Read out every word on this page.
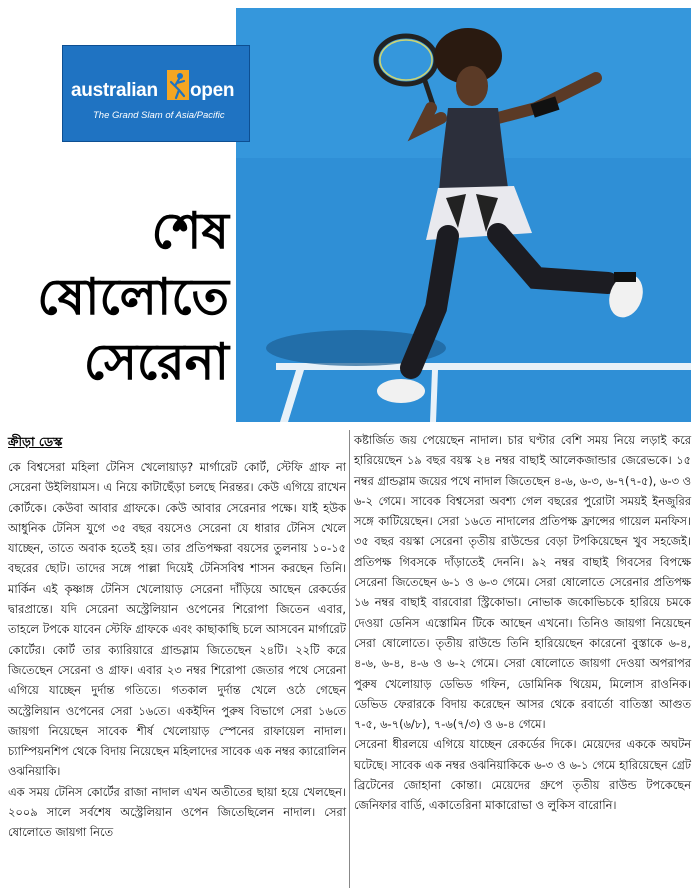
australian open
The Grand Slam of Asia/Pacific
শেষ
ষোলোতে
সেরেনা
ক্রীড়া ডেস্ক

কে বিশ্বসেরা মহিলা টেনিস খেলোয়াড়? মার্গারেট কোর্ট, স্টেফি গ্রাফ না সেরেনা উইলিয়ামস। এ নিয়ে কাটাছেঁড়া চলছে নিরন্তর। কেউ এগিয়ে রাখেন কোর্টকে। কেউবা আবার গ্রাফকে। কেউ আবার সেরেনার পক্ষে। যাই হউক আধুনিক টেনিস যুগে ৩৫ বছর বয়সেও সেরেনা যে ধারার টেনিস খেলে যাচ্ছেন, তাতে অবাক হতেই হয়। তার প্রতিপক্ষরা বয়সের তুলনায় ১০-১৫ বছরের ছোট। তাদের সঙ্গে পাল্লা দিয়েই টেনিসবিশ্ব শাসন করছেন তিনি। মার্কিন এই কৃষ্ণাঙ্গ টেনিস খেলোয়াড় সেরেনা দাঁড়িয়ে আছেন রেকর্ডের দ্বারপ্রান্তে। যদি সেরেনা অস্ট্রেলিয়ান ওপেনের শিরোপা জিতেন এবার, তাহলে টপকে যাবেন স্টেফি গ্রাফকে এবং কাছাকাছি চলে আসবেন মার্গারেট কোর্টের। কোর্ট তার ক্যারিয়ারে গ্রান্ডস্লাম জিতেছেন ২৪টি। ২২টি করে জিতেছেন সেরেনা ও গ্রাফ। এবার ২৩ নম্বর শিরোপা জেতার পথে সেরেনা এগিয়ে যাচ্ছেন দুর্দান্ত গতিতে। গতকাল দুর্দান্ত খেলে ওঠে গেছেন অস্ট্রেলিয়ান ওপেনের সেরা ১৬তে। একইদিন পুরুষ বিভাগে সেরা ১৬তে জায়গা নিয়েছেন সাবেক শীর্ষ খেলোয়াড় স্পেনের রাফায়েল নাদাল। চ্যাম্পিয়নশিপ থেকে বিদায় নিয়েছেন মহিলাদের সাবেক এক নম্বর ক্যারোলিন ওঝনিয়াকি।

এক সময় টেনিস কোর্টের রাজা নাদাল এখন অতীতের ছায়া হয়ে খেলছেন। ২০০৯ সালে সর্বশেষ অস্ট্রেলিয়ান ওপেন জিতেছিলেন নাদাল। সেরা ষোলোতে জায়গা নিতে

কষ্টার্জিত জয় পেয়েছেন নাদাল। চার ঘণ্টার বেশি সময় নিয়ে লড়াই করে হারিয়েছেন ১৯ বছর বয়স্ক ২৪ নম্বর বাছাই আলেকজান্ডার জেরেভকে। ১৫ নম্বর গ্রান্ডস্লাম জয়ের পথে নাদাল জিতেছেন ৪-৬, ৬-৩, ৬-৭(৭-৫), ৬-৩ ও ৬-২ গেমে। সাবেক বিশ্বসেরা অবশ্য গেল বছরের পুরোটা সময়ই ইনজুরির সঙ্গে কাটিয়েছেন। সেরা ১৬তে নাদালের প্রতিপক্ষ ফ্রান্সের গায়েল মনফিস। ৩৫ বছর বয়স্কা সেরেনা তৃতীয় রাউন্ডের বেড়া টপকিয়েছেন খুব সহজেই। প্রতিপক্ষ গিবসকে দাঁড়াতেই দেননি। ৯২ নম্বর বাছাই গিবসের বিপক্ষে সেরেনা জিতেছেন ৬-১ ও ৬-৩ গেমে। সেরা ষোলোতে সেরেনার প্রতিপক্ষ ১৬ নম্বর বাছাই বারবোরা স্ট্রিকোভা। নোভাক জকোভিচকে হারিয়ে চমকে দেওয়া ডেনিস এস্তোমিন টিকে আছেন এখনো। তিনিও জায়গা নিয়েছেন সেরা ষোলোতে। তৃতীয় রাউন্ডে তিনি হারিয়েছেন কারেনো বুস্তাকে ৬-৪, ৪-৬, ৬-৪, ৪-৬ ও ৬-২ গেমে। সেরা ষোলোতে জায়গা দেওয়া অপরাপর পুরুষ খেলোয়াড় ডেভিড গফিন, ডোমিনিক থিয়েম, মিলোস রাওনিক। ডেভিড ফেরারকে বিদায় করেছেন আসর থেকে রবার্তো বাতিস্তা আগুত ৭-৫, ৬-৭(৬/৮), ৭-৬(৭/৩) ও ৬-৪ গেমে।

সেরেনা ধীরলয়ে এগিয়ে যাচ্ছেন রেকর্ডের দিকে। মেয়েদের এককে অঘটন ঘটেছে। সাবেক এক নম্বর ওঝনিয়াকিকে ৬-৩ ও ৬-১ গেমে হারিয়েছেন গ্রেট ব্রিটেনের জোহানা কোন্তা। মেয়েদের গ্রুপে তৃতীয় রাউন্ড টপকেছেন জেনিফার বার্ডি, একাতেরিনা মাকারোভা ও লুকিস বারোনি।
